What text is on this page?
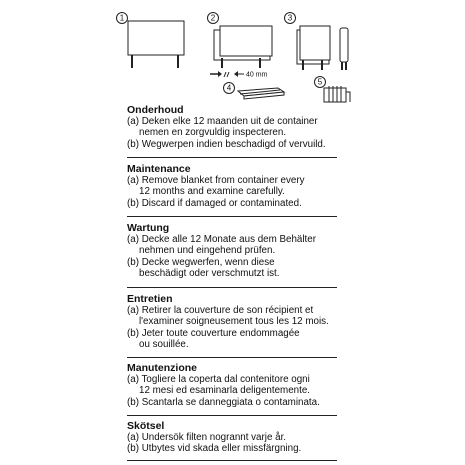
1	2	3
4
5
40 mm
Onderhoud
(a) Deken elke 12 maanden uit de container
nemen en zorgvuldig inspecteren.
(b) Wegwerpen indien beschadigd of vervuild.
Maintenance
(a) Remove blanket from container every
12 months and examine carefully.
(b) Discard if damaged or contaminated.
Wartung
(a) Decke alle 12 Monate aus dem Behälter
nehmen und eingehend prüfen.
(b) Decke wegwerfen, wenn diese
beschädigt oder verschmutzt ist.
Entretien
(a) Retirer la couverture de son récipient et
l'examiner soigneusement tous les 12 mois.
(b) Jeter toute couverture endommagée
ou souillée.
Manutenzione
(a) Togliere la coperta dal contenitore ogni
12 mesi ed esaminarla deligentemente.
(b) Scantarla se danneggiata o contaminata.
Skötsel
(a) Undersök filten nogrannt varje år.
(b) Utbytes vid skada eller missfärgning.
